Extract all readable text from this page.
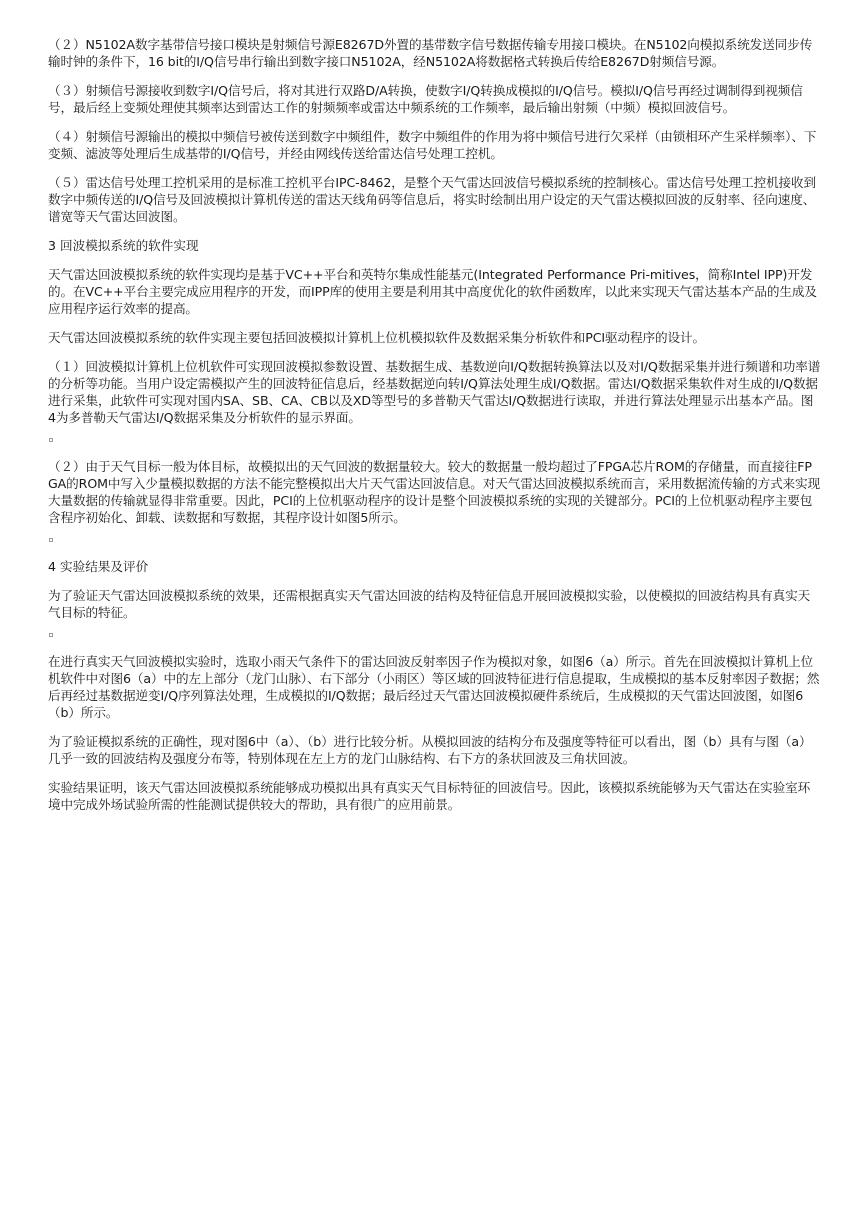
（２）N5102A数字基带信号接口模块是射频信号源E8267D外置的基带数字信号数据传输专用接口模块。在N5102向模拟系统发送同步传输时钟的条件下，16 bit的I/Q信号串行输出到数字接口N5102A，经N5102A将数据格式转换后传给E8267D射频信号源。

（３）射频信号源接收到数字I/Q信号后，将对其进行双路D/A转换，使数字I/Q转换成模拟的I/Q信号。模拟I/Q信号再经过调制得到视频信号，最后经上变频处理使其频率达到雷达工作的射频频率或雷达中频系统的工作频率，最后输出射频（中频）模拟回波信号。

（４）射频信号源输出的模拟中频信号被传送到数字中频组件，数字中频组件的作用为将中频信号进行欠采样（由锁相环产生采样频率）、下变频、滤波等处理后生成基带的I/Q信号，并经由网线传送给雷达信号处理工控机。

（５）雷达信号处理工控机采用的是标准工控机平台IPC-8462，是整个天气雷达回波信号模拟系统的控制核心。雷达信号处理工控机接收到数字中频传送的I/Q信号及回波模拟计算机传送的雷达天线角码等信息后，将实时绘制出用户设定的天气雷达模拟回波的反射率、径向速度、谱宽等天气雷达回波图。

3 回波模拟系统的软件实现

天气雷达回波模拟系统的软件实现均是基于VC++平台和英特尔集成性能基元(Integrated Performance Pri-mitives，简称Intel IPP)开发的。在VC++平台主要完成应用程序的开发，而IPP库的使用主要是利用其中高度优化的软件函数库，以此来实现天气雷达基本产品的生成及应用程序运行效率的提高。

天气雷达回波模拟系统的软件实现主要包括回波模拟计算机上位机模拟软件及数据采集分析软件和PCI驱动程序的设计。

（１）回波模拟计算机上位机软件可实现回波模拟参数设置、基数据生成、基数逆向I/Q数据转换算法以及对I/Q数据采集并进行频谱和功率谱的分析等功能。当用户设定需模拟产生的回波特征信息后，经基数据逆向转I/Q算法处理生成I/Q数据。雷达I/Q数据采集软件对生成的I/Q数据进行采集，此软件可实现对国内SA、SB、CA、CB以及XD等型号的多普勒天气雷达I/Q数据进行读取，并进行算法处理显示出基本产品。图4为多普勒天气雷达I/Q数据采集及分析软件的显示界面。

（２）由于天气目标一般为体目标，故模拟出的天气回波的数据量较大。较大的数据量一般均超过了FPGA芯片ROM的存储量，而直接往FPGA的ROM中写入少量模拟数据的方法不能完整模拟出大片天气雷达回波信息。对天气雷达回波模拟系统而言，采用数据流传输的方式来实现大量数据的传输就显得非常重要。因此，PCI的上位机驱动程序的设计是整个回波模拟系统的实现的关键部分。PCI的上位机驱动程序主要包含程序初始化、卸载、读数据和写数据，其程序设计如图5所示。

4 实验结果及评价

为了验证天气雷达回波模拟系统的效果，还需根据真实天气雷达回波的结构及特征信息开展回波模拟实验，以使模拟的回波结构具有真实天气目标的特征。

在进行真实天气回波模拟实验时，选取小雨天气条件下的雷达回波反射率因子作为模拟对象，如图6（a）所示。首先在回波模拟计算机上位机软件中对图6（a）中的左上部分（龙门山脉）、右下部分（小雨区）等区域的回波特征进行信息提取，生成模拟的基本反射率因子数据；然后再经过基数据逆变I/Q序列算法处理，生成模拟的I/Q数据；最后经过天气雷达回波模拟硬件系统后，生成模拟的天气雷达回波图，如图6（b）所示。

为了验证模拟系统的正确性，现对图6中（a）、（b）进行比较分析。从模拟回波的结构分布及强度等特征可以看出，图（b）具有与图（a）几乎一致的回波结构及强度分布等，特别体现在左上方的龙门山脉结构、右下方的条状回波及三角状回波。

实验结果证明，该天气雷达回波模拟系统能够成功模拟出具有真实天气目标特征的回波信号。因此，该模拟系统能够为天气雷达在实验室环境中完成外场试验所需的性能测试提供较大的帮助，具有很广的应用前景。
